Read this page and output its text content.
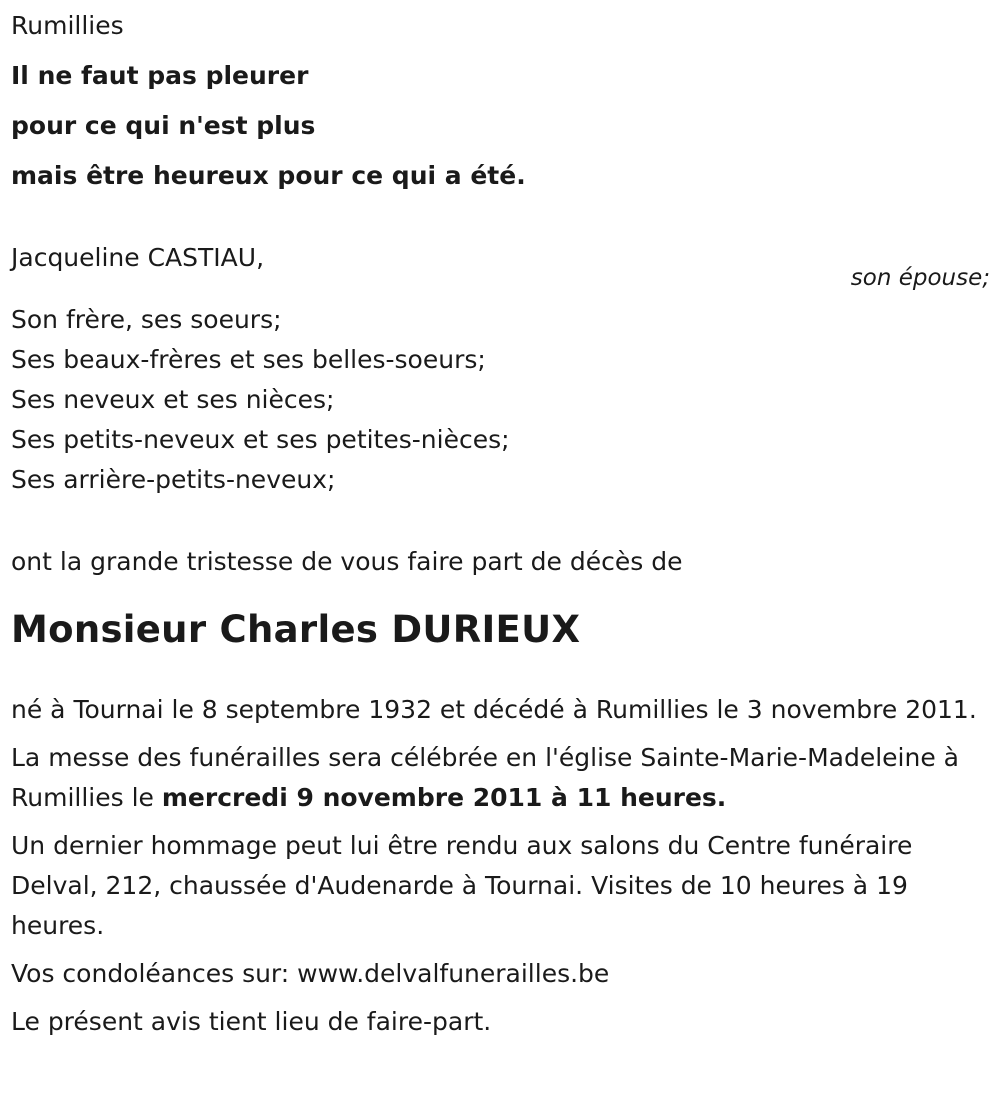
Rumillies

Il ne faut pas pleurer

pour ce qui n'est plus

mais être heureux pour ce qui a été.

Jacqueline CASTIAU,
son épouse;

Son frère, ses soeurs;

Ses beaux-frères et ses belles-soeurs;

Ses neveux et ses nièces;

Ses petits-neveux et ses petites-nièces;

Ses arrière-petits-neveux;

ont la grande tristesse de vous faire part de décès de

Monsieur Charles DURIEUX

né à Tournai le 8 septembre 1932 et décédé à Rumillies le 3 novembre 2011.

La messe des funérailles sera célébrée en l'église Sainte-Marie-Madeleine à Rumillies le mercredi 9 novembre 2011 à 11 heures.

Un dernier hommage peut lui être rendu aux salons du Centre funéraire Delval, 212, chaussée d'Audenarde à Tournai. Visites de 10 heures à 19 heures.

Vos condoléances sur: www.delvalfunerailles.be

Le présent avis tient lieu de faire-part.
